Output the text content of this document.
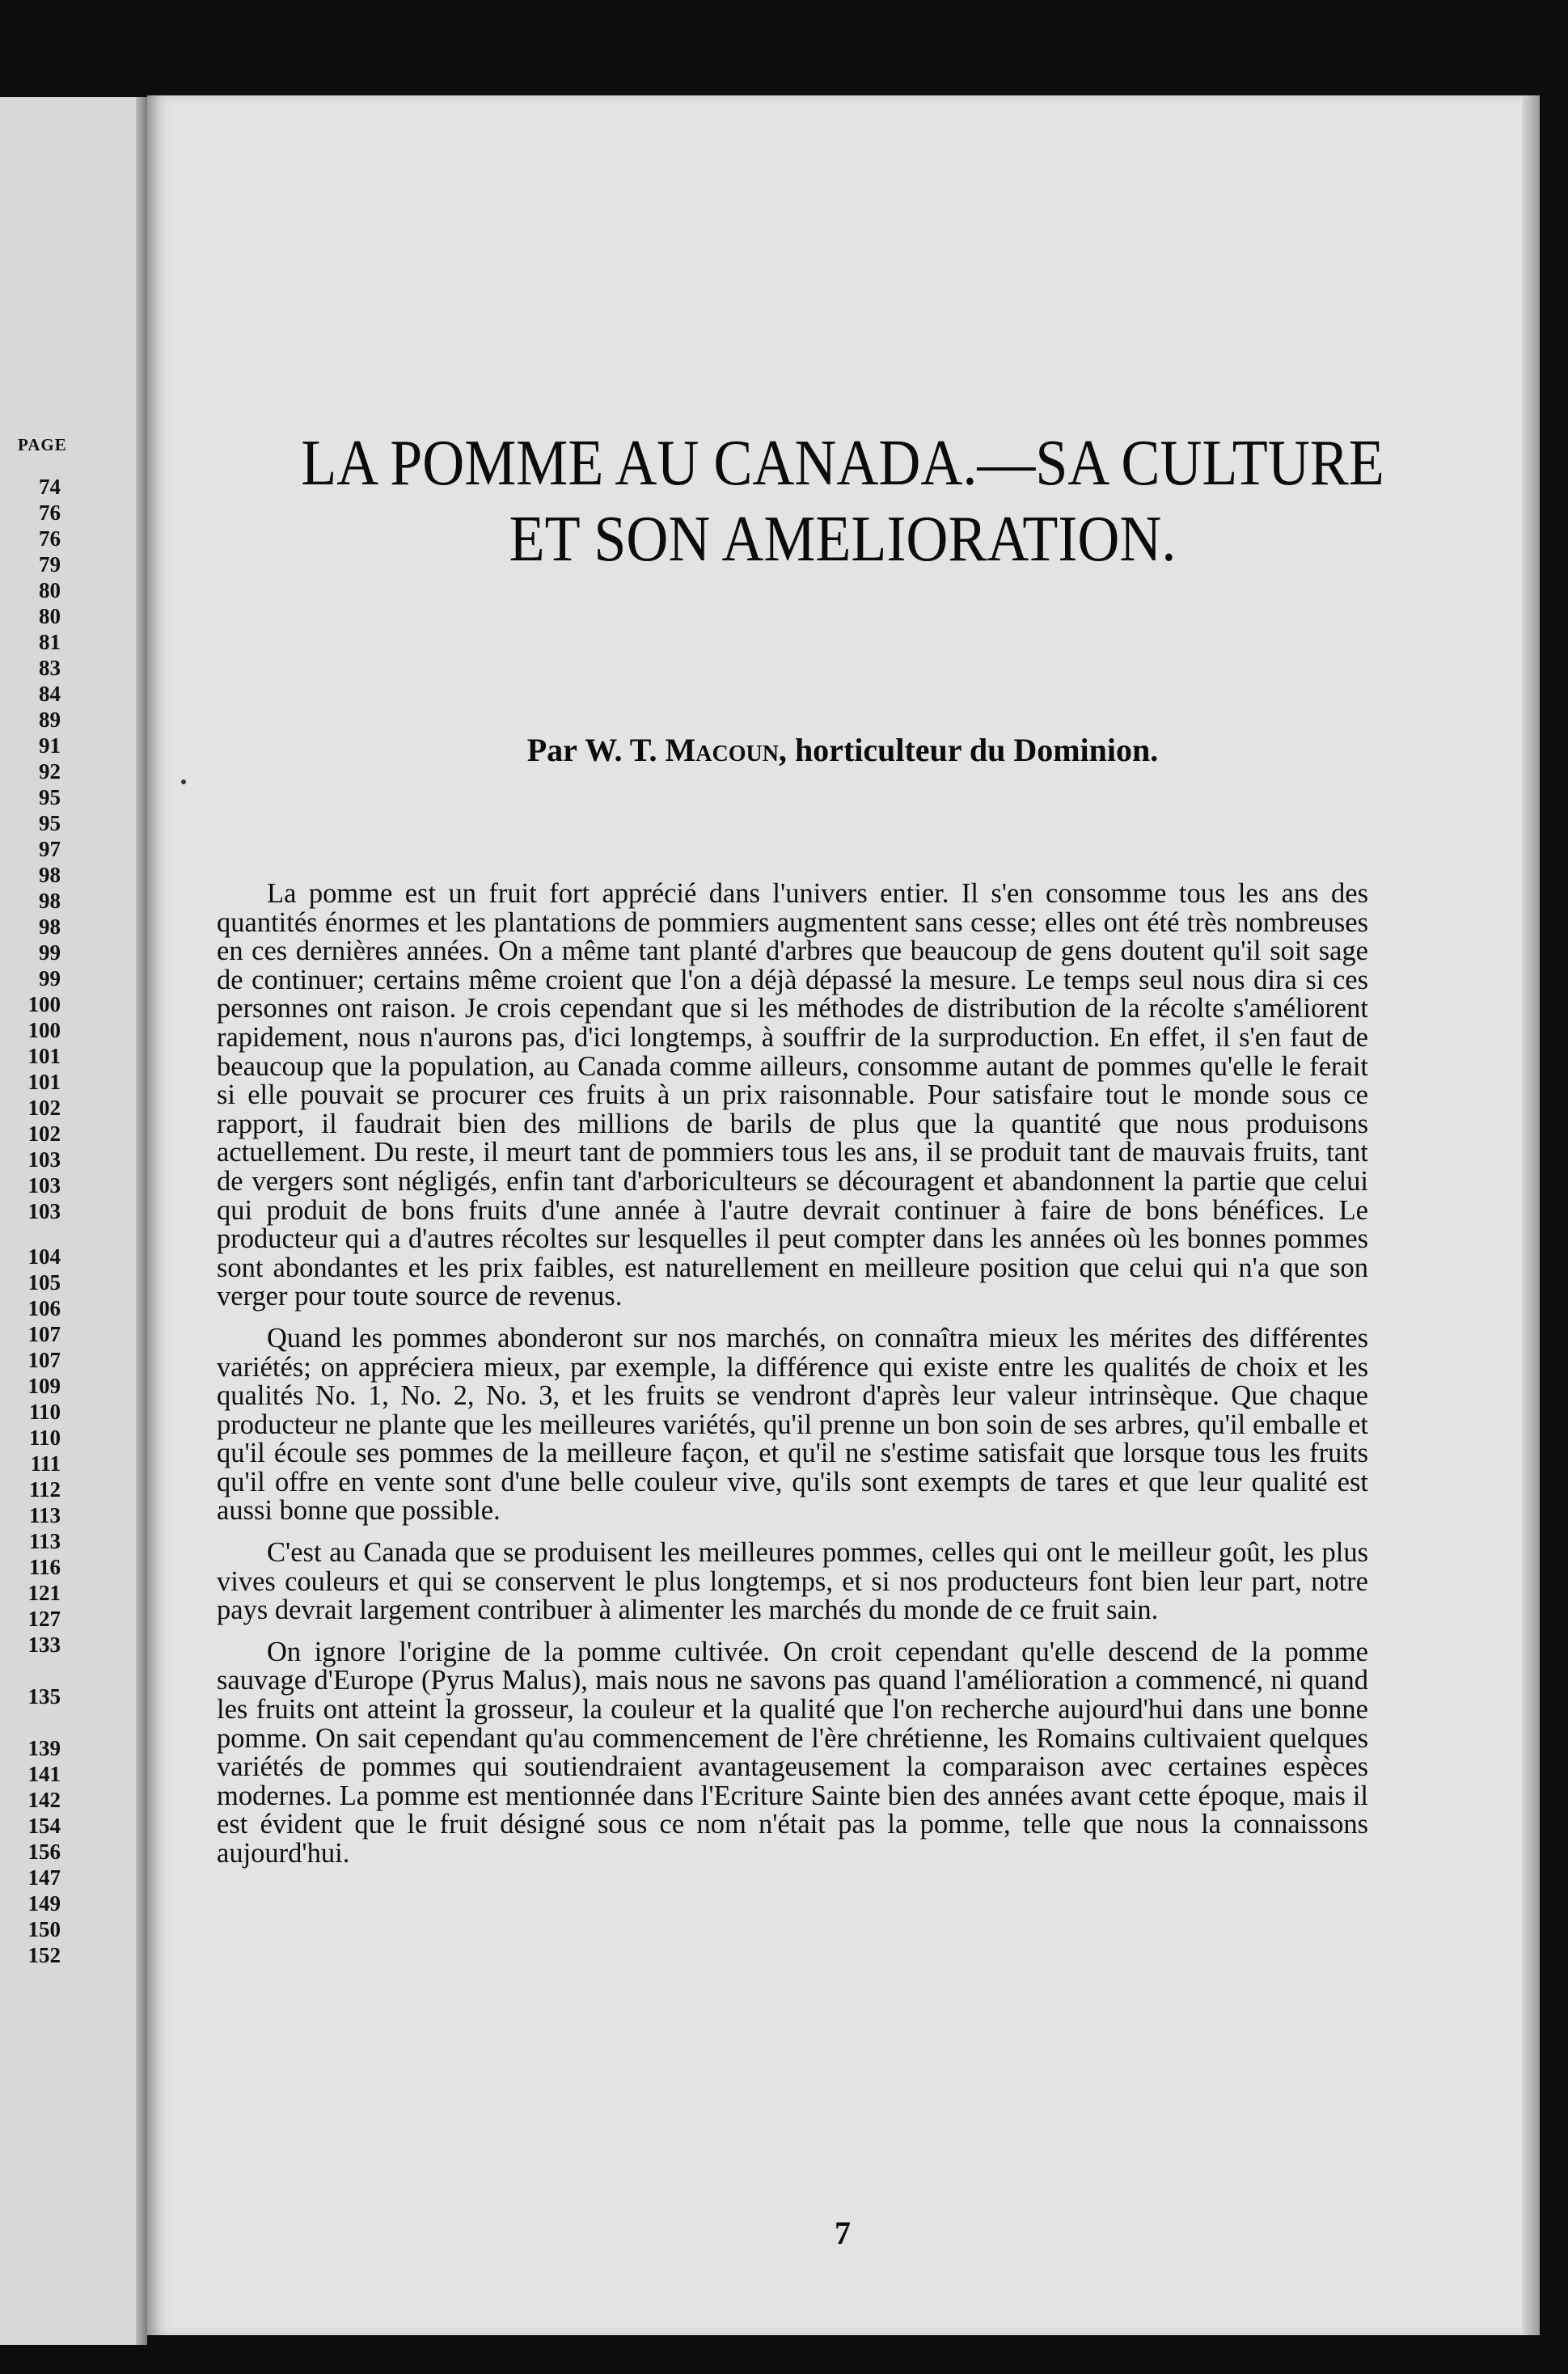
PAGE

74
76
76
79
80
80
81
83
84
89
91
92
95
95
97
98
98
98
99
99
100
100
101
101
102
102
103
103
103
104
105
106
107
107
109
110
110
111
112
113
113
116
121
127
133
135
139
141
142
154
156
147
149
150
152
LA POMME AU CANADA.—SA CULTURE ET SON AMELIORATION.

Par W. T. Macoun, horticulteur du Dominion.

La pomme est un fruit fort apprécié dans l'univers entier. Il s'en consomme tous les ans des quantités énormes et les plantations de pommiers augmentent sans cesse; elles ont été très nombreuses en ces dernières années. On a même tant planté d'arbres que beaucoup de gens doutent qu'il soit sage de continuer; certains même croient que l'on a déjà dépassé la mesure. Le temps seul nous dira si ces personnes ont raison. Je crois cependant que si les méthodes de distribution de la récolte s'améliorent rapidement, nous n'aurons pas, d'ici longtemps, à souffrir de la surproduction. En effet, il s'en faut de beaucoup que la population, au Canada comme ailleurs, consomme autant de pommes qu'elle le ferait si elle pouvait se procurer ces fruits à un prix raisonnable. Pour satisfaire tout le monde sous ce rapport, il faudrait bien des millions de barils de plus que la quantité que nous produisons actuellement. Du reste, il meurt tant de pommiers tous les ans, il se produit tant de mauvais fruits, tant de vergers sont négligés, enfin tant d'arboriculteurs se découragent et abandonnent la partie que celui qui produit de bons fruits d'une année à l'autre devrait continuer à faire de bons bénéfices. Le producteur qui a d'autres récoltes sur lesquelles il peut compter dans les années où les bonnes pommes sont abondantes et les prix faibles, est naturellement en meilleure position que celui qui n'a que son verger pour toute source de revenus.

Quand les pommes abonderont sur nos marchés, on connaîtra mieux les mérites des différentes variétés; on appréciera mieux, par exemple, la différence qui existe entre les qualités de choix et les qualités No. 1, No. 2, No. 3, et les fruits se vendront d'après leur valeur intrinsèque. Que chaque producteur ne plante que les meilleures variétés, qu'il prenne un bon soin de ses arbres, qu'il emballe et qu'il écoule ses pommes de la meilleure façon, et qu'il ne s'estime satisfait que lorsque tous les fruits qu'il offre en vente sont d'une belle couleur vive, qu'ils sont exempts de tares et que leur qualité est aussi bonne que possible.

C'est au Canada que se produisent les meilleures pommes, celles qui ont le meilleur goût, les plus vives couleurs et qui se conservent le plus longtemps, et si nos producteurs font bien leur part, notre pays devrait largement contribuer à alimenter les marchés du monde de ce fruit sain.

On ignore l'origine de la pomme cultivée. On croit cependant qu'elle descend de la pomme sauvage d'Europe (Pyrus Malus), mais nous ne savons pas quand l'amélioration a commencé, ni quand les fruits ont atteint la grosseur, la couleur et la qualité que l'on recherche aujourd'hui dans une bonne pomme. On sait cependant qu'au commencement de l'ère chrétienne, les Romains cultivaient quelques variétés de pommes qui soutiendraient avantageusement la comparaison avec certaines espèces modernes. La pomme est mentionnée dans l'Ecriture Sainte bien des années avant cette époque, mais il est évident que le fruit désigné sous ce nom n'était pas la pomme, telle que nous la connaissons aujourd'hui.

7
